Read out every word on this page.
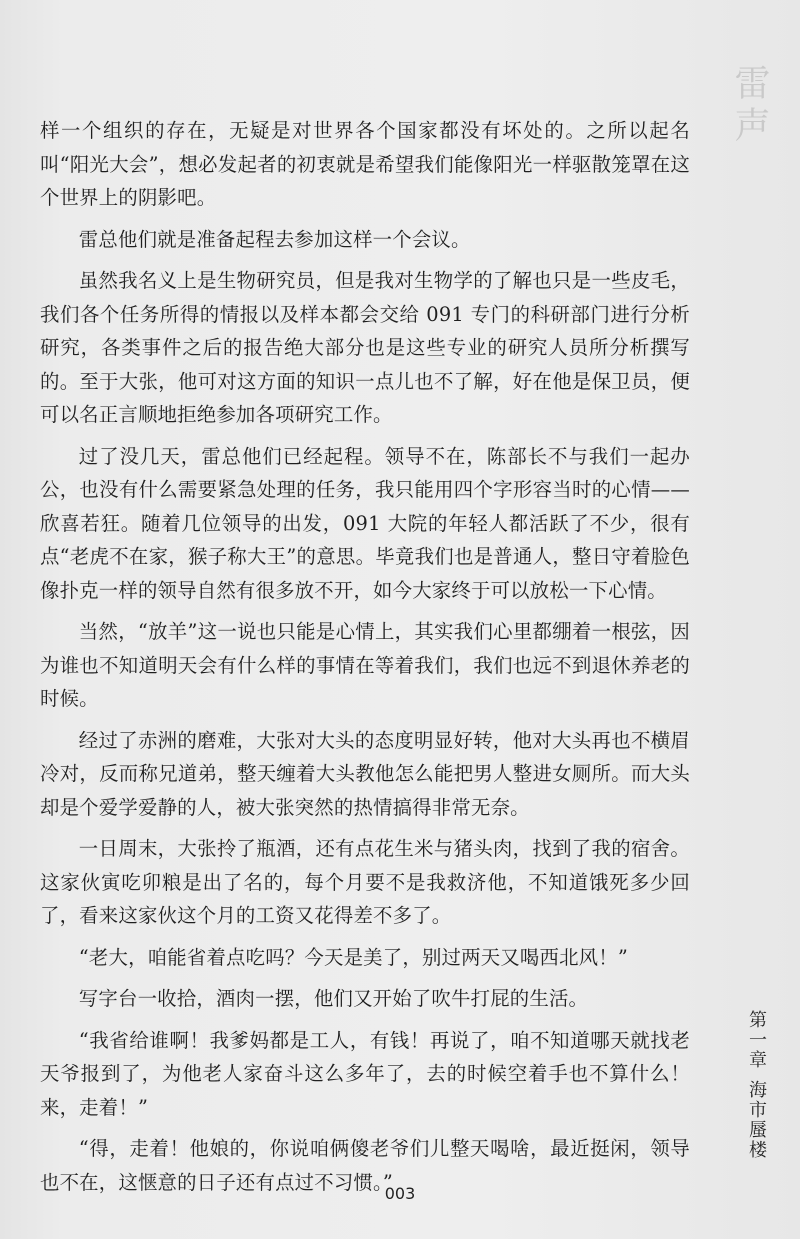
雷声

样一个组织的存在，无疑是对世界各个国家都没有坏处的。之所以起名叫“阳光大会”，想必发起者的初衷就是希望我们能像阳光一样驱散笼罩在这个世界上的阴影吧。

雷总他们就是准备起程去参加这样一个会议。

虽然我名义上是生物研究员，但是我对生物学的了解也只是一些皮毛，我们各个任务所得的情报以及样本都会交给 091 专门的科研部门进行分析研究，各类事件之后的报告绝大部分也是这些专业的研究人员所分析撰写的。至于大张，他可对这方面的知识一点儿也不了解，好在他是保卫员，便可以名正言顺地拒绝参加各项研究工作。

过了没几天，雷总他们已经起程。领导不在，陈部长不与我们一起办公，也没有什么需要紧急处理的任务，我只能用四个字形容当时的心情——欣喜若狂。随着几位领导的出发，091 大院的年轻人都活跃了不少，很有点“老虎不在家，猴子称大王”的意思。毕竟我们也是普通人，整日守着脸色像扑克一样的领导自然有很多放不开，如今大家终于可以放松一下心情。

当然，“放羊”这一说也只能是心情上，其实我们心里都绷着一根弦，因为谁也不知道明天会有什么样的事情在等着我们，我们也远不到退休养老的时候。

经过了赤洲的磨难，大张对大头的态度明显好转，他对大头再也不横眉冷对，反而称兄道弟，整天缠着大头教他怎么能把男人整进女厕所。而大头却是个爱学爱静的人，被大张突然的热情搞得非常无奈。

一日周末，大张拎了瓶酒，还有点花生米与猪头肉，找到了我的宿舍。这家伙寅吃卯粮是出了名的，每个月要不是我救济他，不知道饿死多少回了，看来这家伙这个月的工资又花得差不多了。

“老大，咱能省着点吃吗？今天是美了，别过两天又喝西北风！”

写字台一收拾，酒肉一摆，他们又开始了吹牛打屁的生活。

“我省给谁啊！我爹妈都是工人，有钱！再说了，咱不知道哪天就找老天爷报到了，为他老人家奋斗这么多年了，去的时候空着手也不算什么！来，走着！”

“得，走着！他娘的，你说咱俩傻老爷们儿整天喝啥，最近挺闲，领导也不在，这惬意的日子还有点过不习惯。”

第一章海市蜃楼
003
